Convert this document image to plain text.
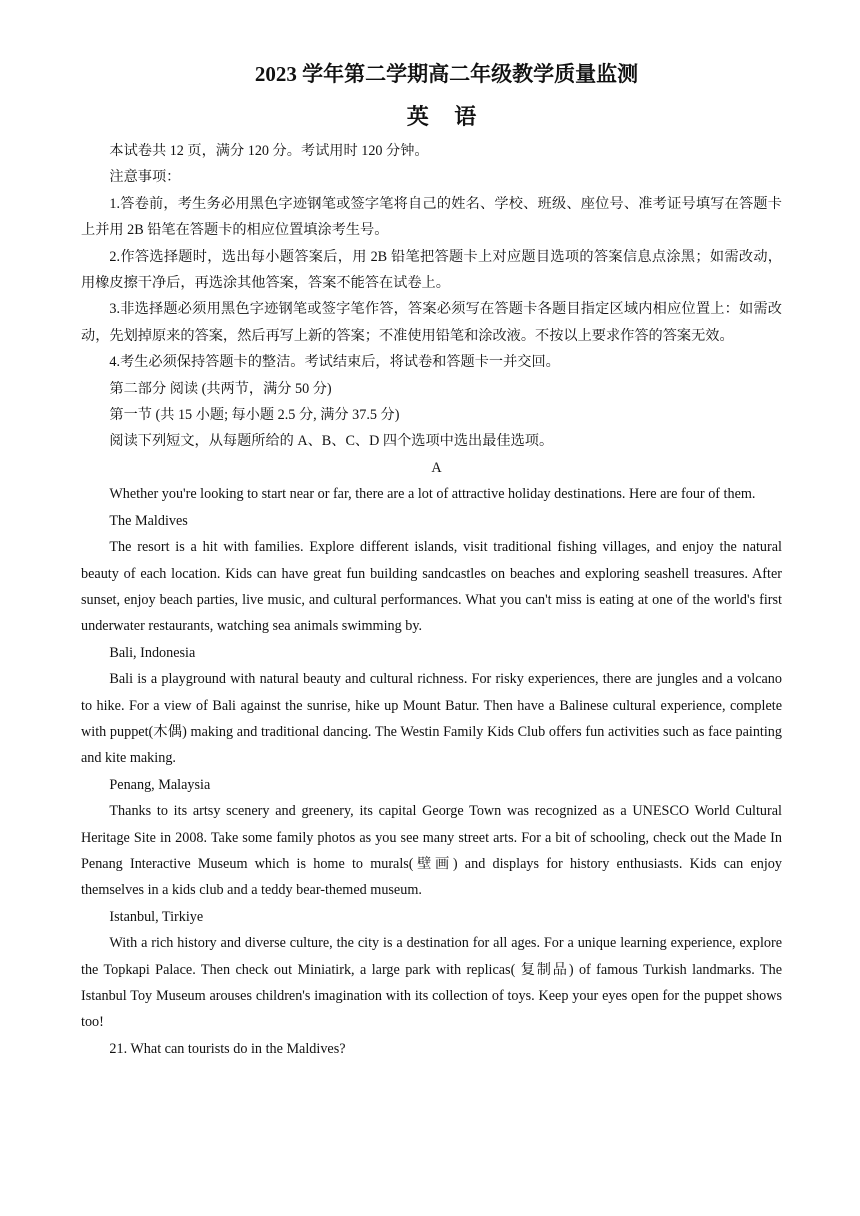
2023 学年第二学期高二年级教学质量监测
英 语

本试卷共 12 页，满分 120 分。考试用时 120 分钟。

注意事项：

1.答卷前，考生务必用黑色字迹钢笔或签字笔将自己的姓名、学校、班级、座位号、准考证号填写在答题卡上并用 2B 铅笔在答题卡的相应位置填涂考生号。

2.作答选择题时，选出每小题答案后，用 2B 铅笔把答题卡上对应题目选项的答案信息点涂黑；如需改动，用橡皮擦干净后，再选涂其他答案，答案不能答在试卷上。

3.非选择题必须用黑色字迹钢笔或签字笔作答，答案必须写在答题卡各题目指定区域内相应位置上：如需改动，先划掉原来的答案，然后再写上新的答案；不准使用铅笔和涂改液。不按以上要求作答的答案无效。

4.考生必须保持答题卡的整洁。考试结束后，将试卷和答题卡一并交回。

第二部分 阅读 (共两节，满分 50 分)

第一节 (共 15 小题; 每小题 2.5 分, 满分 37.5 分)

阅读下列短文，从每题所给的 A、B、C、D 四个选项中选出最佳选项。

A

Whether you're looking to start near or far, there are a lot of attractive holiday destinations. Here are four of them.

The Maldives

The resort is a hit with families. Explore different islands, visit traditional fishing villages, and enjoy the natural beauty of each location. Kids can have great fun building sandcastles on beaches and exploring seashell treasures. After sunset, enjoy beach parties, live music, and cultural performances. What you can't miss is eating at one of the world's first underwater restaurants, watching sea animals swimming by.

Bali, Indonesia

Bali is a playground with natural beauty and cultural richness. For risky experiences, there are jungles and a volcano to hike. For a view of Bali against the sunrise, hike up Mount Batur. Then have a Balinese cultural experience, complete with puppet(木偶) making and traditional dancing. The Westin Family Kids Club offers fun activities such as face painting and kite making.

Penang, Malaysia

Thanks to its artsy scenery and greenery, its capital George Town was recognized as a UNESCO World Cultural Heritage Site in 2008. Take some family photos as you see many street arts. For a bit of schooling, check out the Made In Penang Interactive Museum which is home to murals(壁画) and displays for history enthusiasts. Kids can enjoy themselves in a kids club and a teddy bear-themed museum.

Istanbul, Tirkiye

With a rich history and diverse culture, the city is a destination for all ages. For a unique learning experience, explore the Topkapi Palace. Then check out Miniatirk, a large park with replicas( 复制品) of famous Turkish landmarks. The Istanbul Toy Museum arouses children's imagination with its collection of toys. Keep your eyes open for the puppet shows too!

21. What can tourists do in the Maldives?
